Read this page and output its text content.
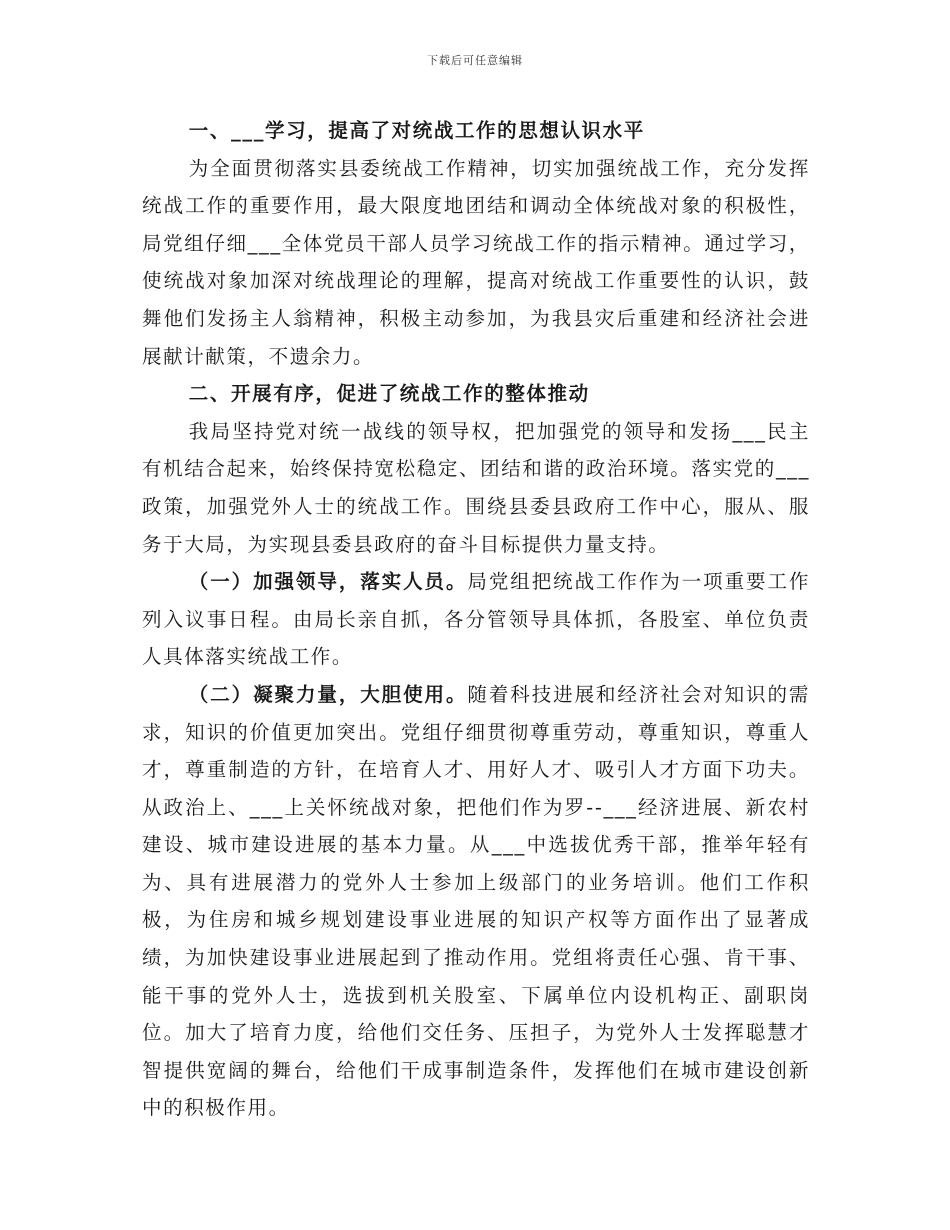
下载后可任意编辑

一、___学习，提高了对统战工作的思想认识水平

为全面贯彻落实县委统战工作精神，切实加强统战工作，充分发挥统战工作的重要作用，最大限度地团结和调动全体统战对象的积极性，局党组仔细___全体党员干部人员学习统战工作的指示精神。通过学习，使统战对象加深对统战理论的理解，提高对统战工作重要性的认识，鼓舞他们发扬主人翁精神，积极主动参加，为我县灾后重建和经济社会进展献计献策，不遗余力。

二、开展有序，促进了统战工作的整体推动

我局坚持党对统一战线的领导权，把加强党的领导和发扬___民主有机结合起来，始终保持宽松稳定、团结和谐的政治环境。落实党的___政策，加强党外人士的统战工作。围绕县委县政府工作中心，服从、服务于大局，为实现县委县政府的奋斗目标提供力量支持。

（一）加强领导，落实人员。局党组把统战工作作为一项重要工作列入议事日程。由局长亲自抓，各分管领导具体抓，各股室、单位负责人具体落实统战工作。

（二）凝聚力量，大胆使用。随着科技进展和经济社会对知识的需求，知识的价值更加突出。党组仔细贯彻尊重劳动，尊重知识，尊重人才，尊重制造的方针，在培育人才、用好人才、吸引人才方面下功夫。从政治上、___上关怀统战对象，把他们作为罗--___经济进展、新农村建设、城市建设进展的基本力量。从___中选拔优秀干部，推举年轻有为、具有进展潜力的党外人士参加上级部门的业务培训。他们工作积极，为住房和城乡规划建设事业进展的知识产权等方面作出了显著成绩，为加快建设事业进展起到了推动作用。党组将责任心强、肯干事、能干事的党外人士，选拔到机关股室、下属单位内设机构正、副职岗位。加大了培育力度，给他们交任务、压担子，为党外人士发挥聪慧才智提供宽阔的舞台，给他们干成事制造条件，发挥他们在城市建设创新中的积极作用。
